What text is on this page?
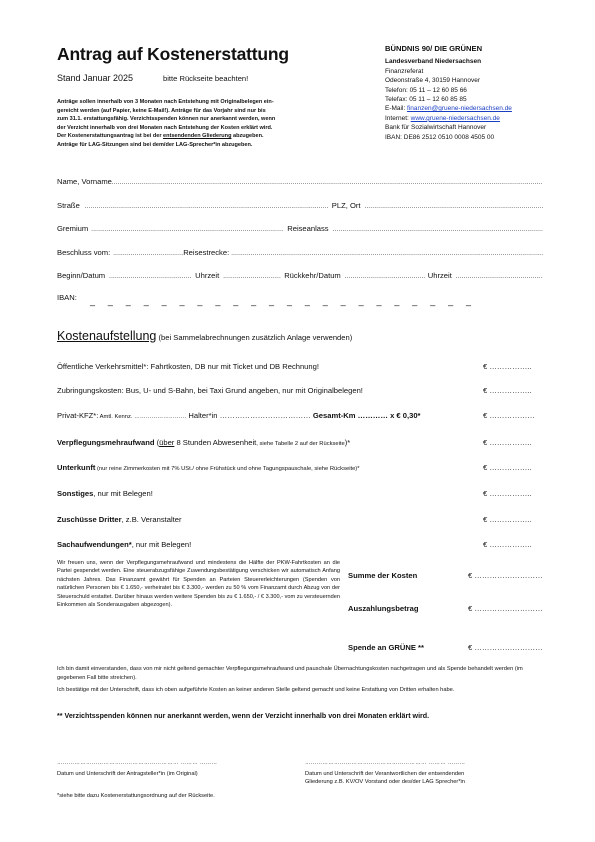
Antrag auf Kostenerstattung
Stand Januar 2025	bitte Rückseite beachten!
Anträge sollen innerhalb von 3 Monaten nach Entstehung mit Originalbelegen ein-
gereicht werden (auf Papier, keine E-Mail!). Anträge für das Vorjahr sind nur bis
zum 31.1. erstattungsfähig. Verzichtsspenden können nur anerkannt werden, wenn
der Verzicht innerhalb von drei Monaten nach Entstehung der Kosten erklärt wird.
Der Kostenerstattungsantrag ist bei der entsendenden Gliederung abzugeben.
Anträge für LAG-Sitzungen sind bei dem/der LAG-Sprecher*in abzugeben.
BÜNDNIS 90/ DIE GRÜNEN
Landesverband Niedersachsen
Finanzreferat
Odeonstraße 4, 30159 Hannover
Telefon: 05 11 – 12 60 85 66
Telefax: 05 11 – 12 60 85 85
E-Mail: finanzen@gruene-niedersachsen.de
Internet: www.gruene-niedersachsen.de
Bank für Sozialwirtschaft Hannover
IBAN: DE86 2512 0510 0008 4505 00
Name, Vorname
.....
Straße .....	PLZ, Ort
.....
Gremium .....	Reiseanlass
.....
Beschluss vom: .....	Reisestrecke:
.....
Beginn/Datum .....	Uhrzeit .....	Rückkehr/Datum .....	Uhrzeit
.....
IBAN: _ _ _ _ _ _ _ _ _ _ _ _ _ _ _ _ _ _ _ _ _ _
Kostenaufstellung (bei Sammelabrechnungen zusätzlich Anlage verwenden)
Öffentliche Verkehrsmittel*: Fahrtkosten, DB nur mit Ticket und DB Rechnung!	€ ……………..
Zubringungskosten: Bus, U- und S-Bahn, bei Taxi Grund angeben, nur mit Originalbelegen!	€ ……………..
Privat-KFZ*: Amtl. Kennz. ……………………… Halter*in ……………………………… Gesamt-Km ………… x € 0,30*	€ ………………
Verpflegungsmehraufwand (über 8 Stunden Abwesenheit, siehe Tabelle 2 auf der Rückseite)*	€ ……………..
Unterkunft (nur reine Zimmerkosten mit 7% USt./ ohne Frühstück und ohne Tagungspauschale, siehe Rückseite)*	€ ……………..
Sonstiges, nur mit Belegen!	€ ……………..
Zuschüsse Dritter, z.B. Veranstalter	€ ……………..
Sachaufwendungen*, nur mit Belegen!	€ ……………..
Wir freuen uns, wenn der Verpflegungsmehraufwand und mindestens die Hälfte der PKW-Fahrtkosten an die Partei gespendet werden. Eine steuerabzugsfähige Zuwendungsbestätigung verschicken wir automatisch Anfang nächsten Jahres. Das Finanzamt gewährt für Spenden an Parteien Steuererleichterungen (Spenden von natürlichen Personen bis € 1.650,- verheiratet bis € 3.300,- werden zu 50 % vom Finanzamt durch Abzug von der Steuerschuld erstattet. Darüber hinaus werden weitere Spenden bis zu € 1.650,- / € 3.300,- vom zu versteuernden Einkommen als Sonderausgaben abgezogen).
Summe der Kosten	€ ………………………
Auszahlungsbetrag	€ ………………………
Spende an GRÜNE **	€ ………………………
Ich bin damit einverstanden, dass von mir nicht geltend gemachter Verpflegungsmehraufwand und pauschale Übernachtungskosten nachgetragen und als Spende behandelt werden (im gegebenen Fall bitte streichen).
Ich bestätige mit der Unterschrift, dass ich oben aufgeführte Kosten an keiner anderen Stelle geltend gemacht und keine Erstattung von Dritten erhalten habe.
** Verzichtsspenden können nur anerkannt werden, wenn der Verzicht innerhalb von drei Monaten erklärt wird.
……………………………………………………… ……… ………
Datum und Unterschrift der Antragsteller*in (im Original)
……………………………………………………… ……… ………
Datum und Unterschrift der Verantwortlichen der entsendenden
Gliederung z.B. KV/OV Vorstand oder des/der LAG Sprecher*in
*siehe bitte dazu Kostenerstattungsordnung auf der Rückseite.
